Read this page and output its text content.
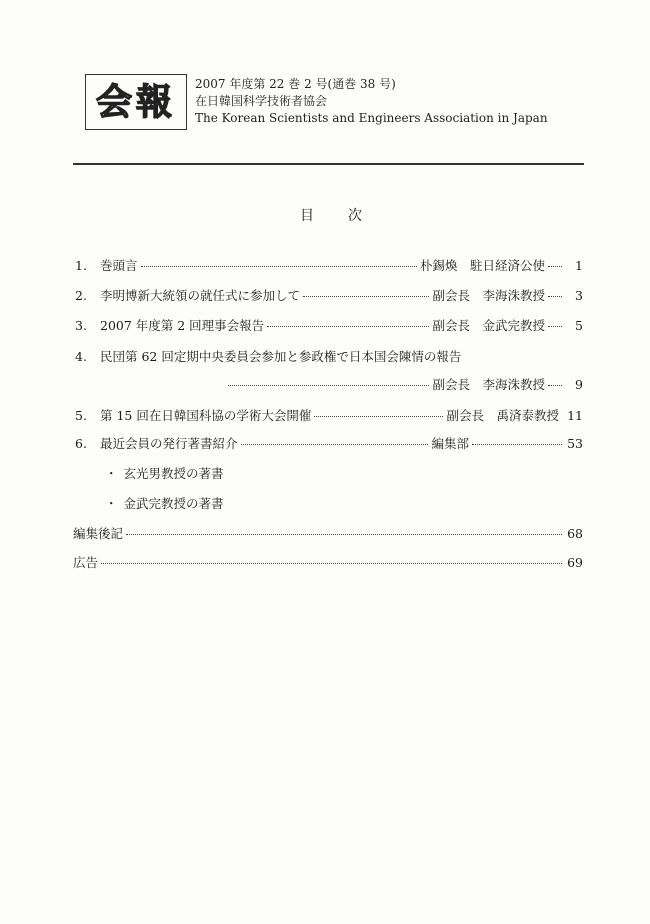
会報 2007 年度第 22 巻 2 号(通巻 38 号)
在日韓国科学技術者協会
The Korean Scientists and Engineers Association in Japan
目次
1.	巻頭言	朴錫煥　駐日経済公使	1
2.	李明博新大統領の就任式に参加して	副会長　李海洙教授	3
3.	2007 年度第 2 回理事会報告	副会長　金武完教授	5
4.	民団第 62 回定期中央委員会参加と参政権で日本国会陳情の報告
副会長　李海洙教授	9
5.	第 15 回在日韓国科協の学術大会開催	副会長　禹済泰教授 11
6.	最近会員の発行著書紹介	編集部	53
・ 玄光男教授の著書
・ 金武完教授の著書
編集後記	68
広告	69
